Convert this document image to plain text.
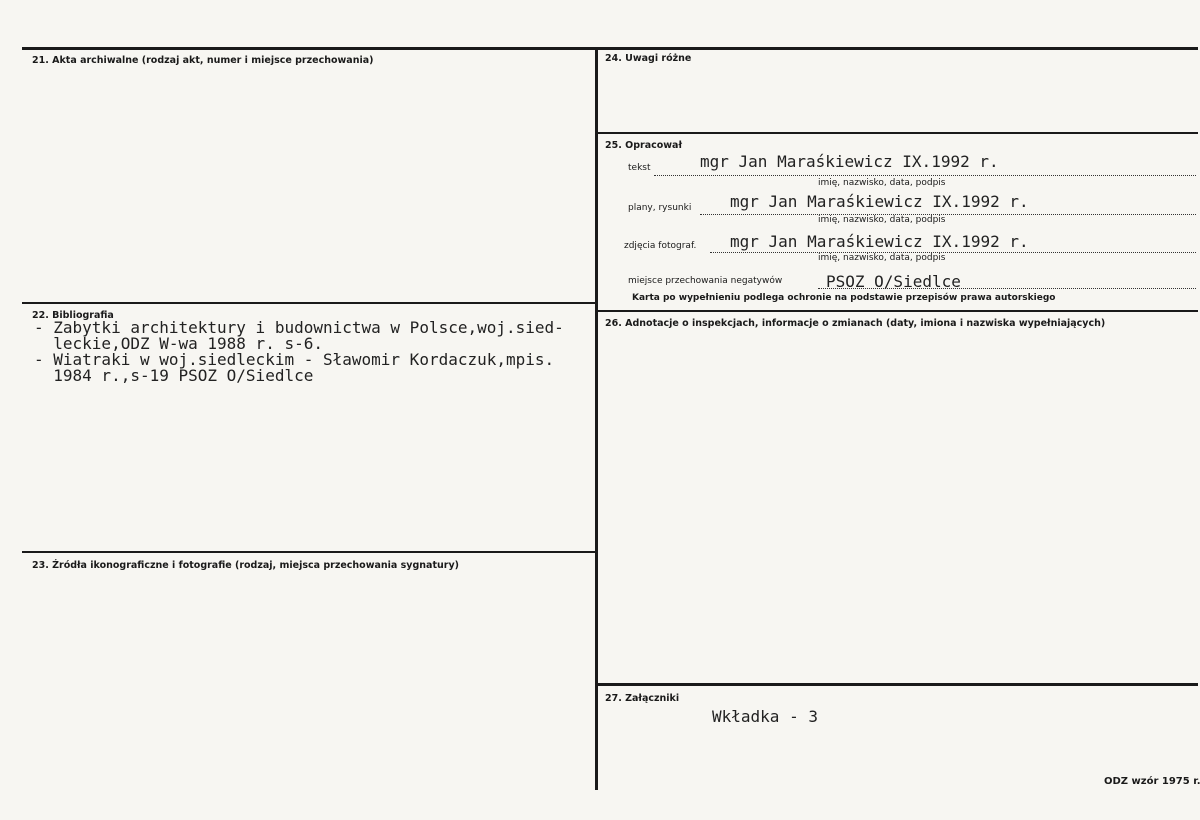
21. Akta archiwalne (rodzaj akt, numer i miejsce przechowania)
22. Bibliografia
- Zabytki architektury i budownictwa w Polsce,woj.sied-
leckie,ODZ W-wa 1988 r. s-6.
- Wiatraki w woj.siedleckim - Sławomir Kordaczuk,mpis.
1984 r.,s-19 PSOZ O/Siedlce
23. Źródła ikonograficzne i fotografie (rodzaj, miejsca przechowania sygnatury)
24. Uwagi różne
25. Opracował
tekst	mgr Jan Maraśkiewicz IX.1992 r.
imię, nazwisko, data, podpis
plany, rysunki mgr Jan Maraśkiewicz IX.1992 r.
imię, nazwisko, data, podpis
zdjęcia fotograf. mgr Jan Maraśkiewicz IX.1992 r.
imię, nazwisko, data, podpis
miejsce przechowania negatywów	PSOZ O/Siedlce
Karta po wypełnieniu podlega ochronie na podstawie przepisów prawa autorskiego
26. Adnotacje o inspekcjach, informacje o zmianach (daty, imiona i nazwiska wypełniających)
27. Załączniki
Wkładka - 3
ODZ wzór 1975 r.
